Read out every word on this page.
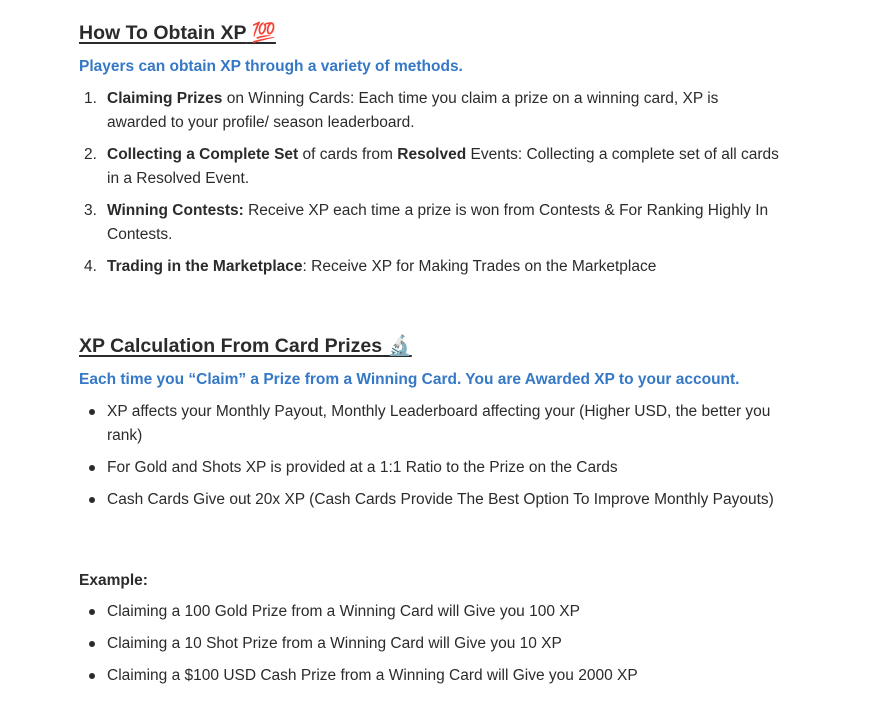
How To Obtain XP 💯

Players can obtain XP through a variety of methods.

1. Claiming Prizes on Winning Cards: Each time you claim a prize on a winning card, XP is awarded to your profile/ season leaderboard.
2. Collecting a Complete Set of cards from Resolved Events: Collecting a complete set of all cards in a Resolved Event.
3. Winning Contests: Receive XP each time a prize is won from Contests & For Ranking Highly In Contests.
4. Trading in the Marketplace: Receive XP for Making Trades on the Marketplace
XP Calculation From Card Prizes 🔬

Each time you “Claim” a Prize from a Winning Card. You are Awarded XP to your account.

XP affects your Monthly Payout, Monthly Leaderboard affecting your (Higher USD, the better you rank)
For Gold and Shots XP is provided at a 1:1 Ratio to the Prize on the Cards
Cash Cards Give out 20x XP (Cash Cards Provide The Best Option To Improve Monthly Payouts)

Example:

Claiming a 100 Gold Prize from a Winning Card will Give you 100 XP
Claiming a 10 Shot Prize from a Winning Card will Give you 10 XP
Claiming a $100 USD Cash Prize from a Winning Card will Give you 2000 XP
